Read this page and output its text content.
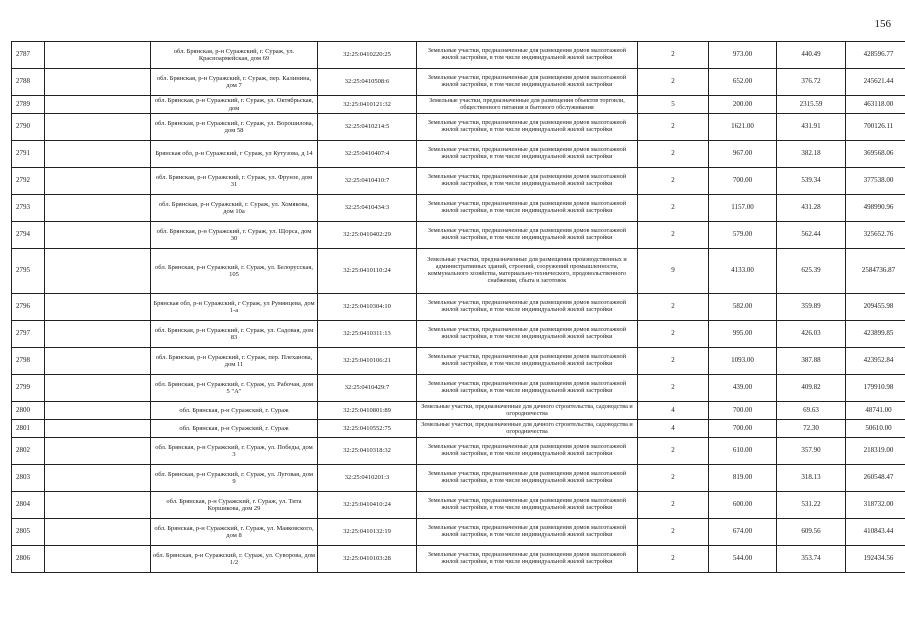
156
2787		обл. Брянская, р-н Суражский, г. Сураж, ул. Красноармейская, дом 69	32:25:0410220:25	Земельные участки, предназначенные для размещения домов малоэтажной жилой застройки, в том числе индивидуальной жилой застройки	2	973.00	440.49	428596.77
2788		обл. Брянская, р-н Суражский, г. Сураж, пер. Калинина, дом 7	32:25:0410508:6	Земельные участки, предназначенные для размещения домов малоэтажной жилой застройки, в том числе индивидуальной жилой застройки	2	652.00	376.72	245621.44
2789		обл. Брянская, р-н Суражский, г. Сураж, ул. Октябрьская, дом	32:25:0410121:32	Земельные участки, предназначенные для размещения объектов торговли, общественного питания и бытового обслуживания	5	200.00	2315.59	463118.00
2790		обл. Брянская, р-н Суражский, г. Сураж, ул. Ворошилова, дом 58	32:25:0410214:5	Земельные участки, предназначенные для размещения домов малоэтажной жилой застройки, в том числе индивидуальной жилой застройки	2	1621.00	431.91	700126.11
2791		Брянская обл, р-н Суражский, г Сураж, ул Кутузова, д 14	32:25:0410407:4	Земельные участки, предназначенные для размещения домов малоэтажной жилой застройки, в том числе индивидуальной жилой застройки	2	967.00	382.18	369568.06
2792		обл. Брянская, р-н Суражский, г. Сураж, ул. Фрунзе, дом 31	32:25:0410410:7	Земельные участки, предназначенные для размещения домов малоэтажной жилой застройки, в том числе индивидуальной жилой застройки	2	700.00	539.34	377538.00
2793		обл. Брянская, р-н Суражский, г. Сураж, ул. Хомякова, дом 10а	32:25:0410434:3	Земельные участки, предназначенные для размещения домов малоэтажной жилой застройки, в том числе индивидуальной жилой застройки	2	1157.00	431.28	498990.96
2794		обл. Брянская, р-н Суражский, г. Сураж, ул. Щорса, дом 30	32:25:0410402:29	Земельные участки, предназначенные для размещения домов малоэтажной жилой застройки, в том числе индивидуальной жилой застройки	2	579.00	562.44	325652.76
2795		обл. Брянская, р-н Суражский, г. Сураж, ул. Белорусская, 105	32:25:0410110:24	Земельные участки, предназначенные для размещения производственных и административных зданий, строений, сооружений промышленности, коммунального хозяйства, материально-технического, продовольственного снабжения, сбыта и заготовок	9	4133.00	625.39	2584736.87
2796		Брянская обл, р-н Суражский, г Сураж, ул Румянцева, дом 1-а	32:25:0410304:10	Земельные участки, предназначенные для размещения домов малоэтажной жилой застройки, в том числе индивидуальной жилой застройки	2	582.00	359.89	209455.98
2797		обл. Брянская, р-н Суражский, г. Сураж, ул. Садовая, дом 83	32:25:0410311:13	Земельные участки, предназначенные для размещения домов малоэтажной жилой застройки, в том числе индивидуальной жилой застройки	2	995.00	426.03	423899.85
2798		обл. Брянская, р-н Суражский, г. Сураж, пер. Плеханова, дом 11	32:25:0410106:21	Земельные участки, предназначенные для размещения домов малоэтажной жилой застройки, в том числе индивидуальной жилой застройки	2	1093.00	387.88	423952.84
2799		обл. Брянская, р-н Суражский, г. Сураж, ул. Рабочая, дом 5 "А"	32:25:0410429:7	Земельные участки, предназначенные для размещения домов малоэтажной жилой застройки, в том числе индивидуальной жилой застройки	2	439.00	409.82	179910.98
2800		обл. Брянская, р-н Суражский, г. Сураж	32:25:0410801:89	Земельные участки, предназначенные для дачного строительства, садоводства и огородничества	4	700.00	69.63	48741.00
2801		обл. Брянская, р-н Суражский, г. Сураж	32:25:0410552:75	Земельные участки, предназначенные для дачного строительства, садоводства и огородничества	4	700.00	72.30	50610.00
2802		обл. Брянская, р-н Суражский, г. Сураж, ул. Победы, дом 3	32:25:0410318:32	Земельные участки, предназначенные для размещения домов малоэтажной жилой застройки, в том числе индивидуальной жилой застройки	2	610.00	357.90	218319.00
2803		обл. Брянская, р-н Суражский, г. Сураж, ул. Луговая, дом 9	32:25:0410201:3	Земельные участки, предназначенные для размещения домов малоэтажной жилой застройки, в том числе индивидуальной жилой застройки	2	819.00	318.13	260548.47
2804		обл. Брянская, р-н Суражский, г. Сураж, ул. Тита Коршикова, дом 29	32:25:0410410:24	Земельные участки, предназначенные для размещения домов малоэтажной жилой застройки, в том числе индивидуальной жилой застройки	2	600.00	531.22	318732.00
2805		обл. Брянская, р-н Суражский, г. Сураж, ул. Маяковского, дом 8	32:25:0410132:19	Земельные участки, предназначенные для размещения домов малоэтажной жилой застройки, в том числе индивидуальной жилой застройки	2	674.00	609.56	410843.44
2806		обл. Брянская, р-н Суражский, г. Сураж, ул. Суворова, дом 1/2	32:25:0410103:28	Земельные участки, предназначенные для размещения домов малоэтажной жилой застройки, в том числе индивидуальной жилой застройки	2	544.00	353.74	192434.56
